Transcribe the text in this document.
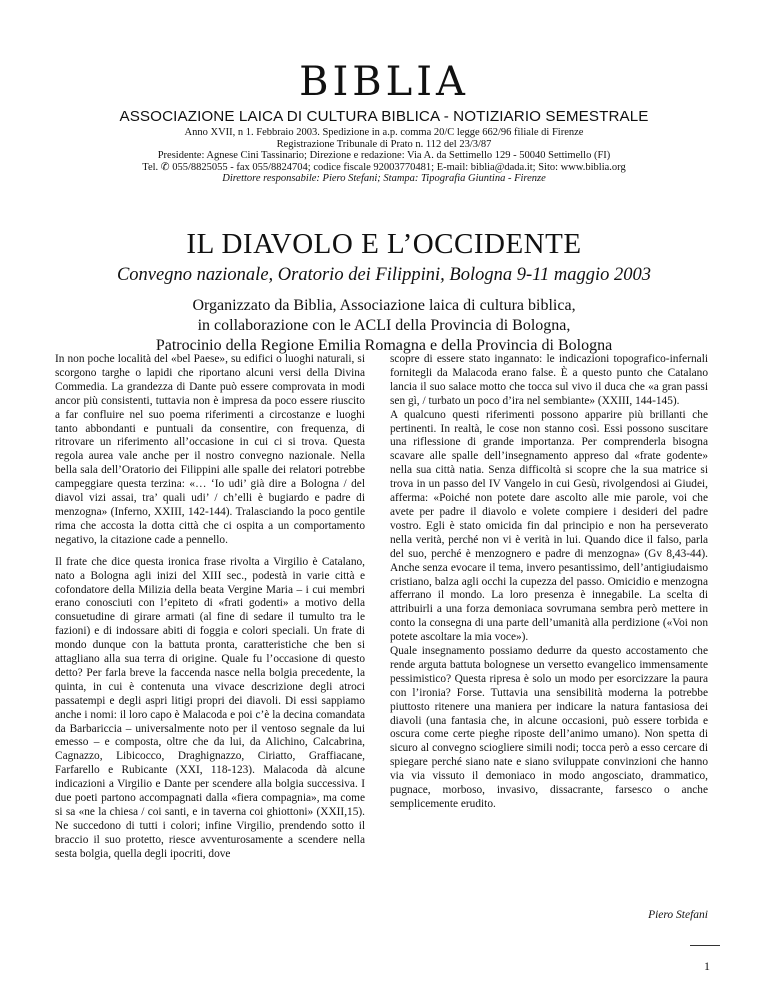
BIBLIA
ASSOCIAZIONE LAICA DI CULTURA BIBLICA - NOTIZIARIO SEMESTRALE
Anno XVII, n 1. Febbraio 2003. Spedizione in a.p. comma 20/C legge 662/96 filiale di Firenze
Registrazione Tribunale di Prato n. 112 del 23/3/87
Presidente: Agnese Cini Tassinario; Direzione e redazione: Via A. da Settimello 129 - 50040 Settimello (FI)
Tel. ✆ 055/8825055 - fax 055/8824704; codice fiscale 92003770481; E-mail: biblia@dada.it; Sito: www.biblia.org
Direttore responsabile: Piero Stefani; Stampa: Tipografia Giuntina - Firenze
IL DIAVOLO E L’OCCIDENTE
Convegno nazionale, Oratorio dei Filippini, Bologna 9-11 maggio 2003
Organizzato da Biblia, Associazione laica di cultura biblica,
in collaborazione con le ACLI della Provincia di Bologna,
Patrocinio della Regione Emilia Romagna e della Provincia di Bologna

In non poche località del «bel Paese», su edifici o luoghi naturali, si scorgono targhe o lapidi che riportano alcuni versi della Divina Commedia. La grandezza di Dante può essere comprovata in modi ancor più consistenti, tuttavia non è impresa da poco essere riuscito a far confluire nel suo poema riferimenti a circostanze e luoghi tanto abbondanti e puntuali da consentire, con frequenza, di ritrovare un riferimento all’occasione in cui ci si trova. Questa regola aurea vale anche per il nostro convegno nazionale. Nella bella sala dell’Oratorio dei Filippini alle spalle dei relatori potrebbe campeggiare questa terzina: «… ‘Io udi’ già dire a Bologna / del diavol vizi assai, tra’ quali udi’ / ch’elli è bugiardo e padre di menzogna» (Inferno, XXIII, 142-144). Tralasciando la poco gentile rima che accosta la dotta città che ci ospita a un comportamento negativo, la citazione cade a pennello.

Il frate che dice questa ironica frase rivolta a Virgilio è Catalano, nato a Bologna agli inizi del XIII sec., podestà in varie città e cofondatore della Milizia della beata Vergine Maria – i cui membri erano conosciuti con l’epiteto di «frati godenti» a motivo della consuetudine di girare armati (al fine di sedare il tumulto tra le fazioni) e di indossare abiti di foggia e colori speciali. Un frate di mondo dunque con la battuta pronta, caratteristiche che ben si attagliano alla sua terra di origine. Quale fu l’occasione di questo detto? Per farla breve la faccenda nasce nella bolgia precedente, la quinta, in cui è contenuta una vivace descrizione degli atroci passatempi e degli aspri litigi propri dei diavoli. Di essi sappiamo anche i nomi: il loro capo è Malacoda e poi c’è la decina comandata da Barbariccia – universalmente noto per il ventoso segnale da lui emesso – e composta, oltre che da lui, da Alichino, Calcabrina, Cagnazzo, Libicocco, Draghignazzo, Ciriatto, Graffiacane, Farfarello e Rubicante (XXI, 118-123). Malacoda dà alcune indicazioni a Virgilio e Dante per scendere alla bolgia successiva. I due poeti partono accompagnati dalla «fiera compagnia», ma come si sa «ne la chiesa / coi santi, e in taverna coi ghiottoni» (XXII,15). Ne succedono di tutti i colori; infine Virgilio, prendendo sotto il braccio il suo protetto, riesce avventurosamente a scendere nella sesta bolgia, quella degli ipocriti, dove

scopre di essere stato ingannato: le indicazioni topografico-infernali fornitegli da Malacoda erano false. È a questo punto che Catalano lancia il suo salace motto che tocca sul vivo il duca che «a gran passi sen gì, / turbato un poco d’ira nel sembiante» (XXIII, 144-145).

A qualcuno questi riferimenti possono apparire più brillanti che pertinenti. In realtà, le cose non stanno così. Essi possono suscitare una riflessione di grande importanza. Per comprenderla bisogna scavare alle spalle dell’insegnamento appreso dal «frate godente» nella sua città natia. Senza difficoltà si scopre che la sua matrice si trova in un passo del IV Vangelo in cui Gesù, rivolgendosi ai Giudei, afferma: «Poiché non potete dare ascolto alle mie parole, voi che avete per padre il diavolo e volete compiere i desideri del padre vostro. Egli è stato omicida fin dal principio e non ha perseverato nella verità, perché non vi è verità in lui. Quando dice il falso, parla del suo, perché è menzognero e padre di menzogna» (Gv 8,43-44). Anche senza evocare il tema, invero pesantissimo, dell’antigiudaismo cristiano, balza agli occhi la cupezza del passo. Omicidio e menzogna afferrano il mondo. La loro presenza è innegabile. La scelta di attribuirli a una forza demoniaca sovrumana sembra però mettere in conto la consegna di una parte dell’umanità alla perdizione («Voi non potete ascoltare la mia voce»).

Quale insegnamento possiamo dedurre da questo accostamento che rende arguta battuta bolognese un versetto evangelico immensamente pessimistico? Questa ripresa è solo un modo per esorcizzare la paura con l’ironia? Forse. Tuttavia una sensibilità moderna la potrebbe piuttosto ritenere una maniera per indicare la natura fantasiosa dei diavoli (una fantasia che, in alcune occasioni, può essere torbida e oscura come certe pieghe riposte dell’animo umano). Non spetta di sicuro al convegno sciogliere simili nodi; tocca però a esso cercare di spiegare perché siano nate e siano sviluppate convinzioni che hanno via via vissuto il demoniaco in modo angosciato, drammatico, pugnace, morboso, invasivo, dissacrante, farsesco o anche semplicemente erudito.

Piero Stefani
1
